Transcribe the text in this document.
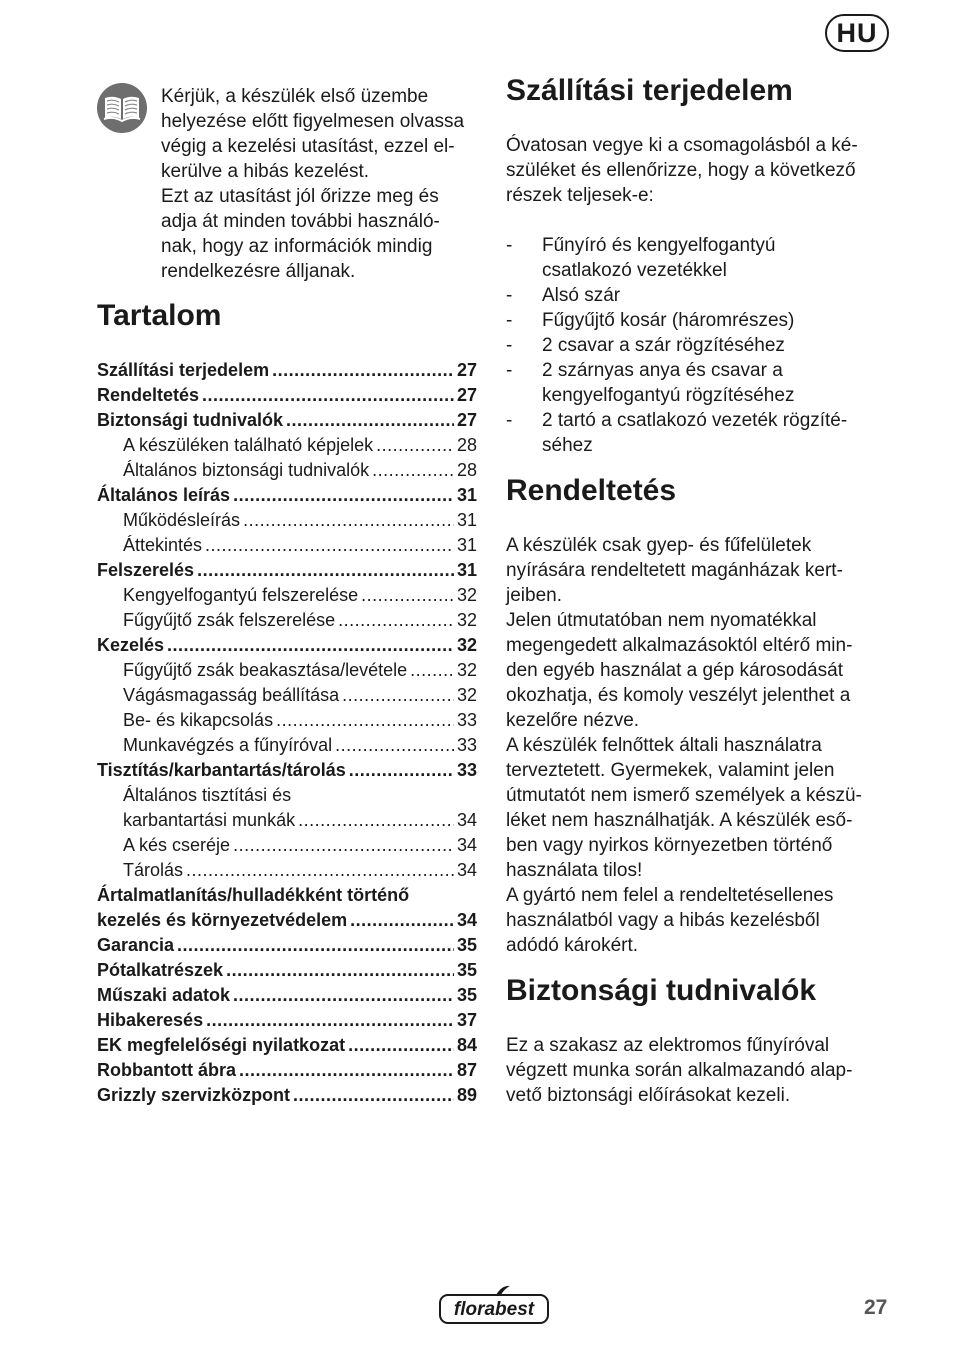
HU

Kérjük, a készülék első üzembe

helyezése előtt figyelmesen olvassa

végig a kezelési utasítást, ezzel el-

kerülve a hibás kezelést.

Ezt az utasítást jól őrizze meg és

adja át minden további használó-

nak, hogy az információk mindig

rendelkezésre álljanak.

Tartalom
Szállítási terjedelem .....	27
Rendeltetés .....	27
Biztonsági tudnivalók .....	27
A készüléken található képjelek .....	28
Általános biztonsági tudnivalók .....	28
Általános leírás .....	31
Működésleírás .....	31
Áttekintés .....	31
Felszerelés .....	31
Kengyelfogantyú felszerelése .....	32
Fűgyűjtő zsák felszerelése .....	32
Kezelés .....	32
Fűgyűjtő zsák beakasztása/levétele .....	32
Vágásmagasság beállítása .....	32
Be- és kikapcsolás .....	33
Munkavégzés a fűnyíróval .....	33
Tisztítás/karbantartás/tárolás .....	33
Általános tisztítási és
karbantartási munkák .....	34
A kés cseréje .....	34
Tárolás .....	34
Ártalmatlanítás/hulladékként történő
kezelés és környezetvédelem .....	34
Garancia .....	35
Pótalkatrészek .....	35
Műszaki adatok .....	35
Hibakeresés .....	37
EK megfelelőségi nyilatkozat .....	84
Robbantott ábra .....	87
Grizzly szervizközpont .....	89
Szállítási terjedelem

Óvatosan vegye ki a csomagolásból a ké-

szüléket és ellenőrizze, hogy a következő

részek teljesek-e:

- Fűnyíró és kengyelfogantyú
csatlakozó vezetékkel
- Alsó szár
- Fűgyűjtő kosár (háromrészes)
- 2 csavar a szár rögzítéséhez
- 2 szárnyas anya és csavar a
kengyelfogantyú rögzítéséhez
- 2 tartó a csatlakozó vezeték rögzíté-
séhez
Rendeltetés

A készülék csak gyep- és fűfelületek

nyírására rendeltetett magánházak kert-

jeiben.

Jelen útmutatóban nem nyomatékkal

megengedett alkalmazásoktól eltérő min-

den egyéb használat a gép károsodását

okozhatja, és komoly veszélyt jelenthet a

kezelőre nézve.

A készülék felnőttek általi használatra

terveztetett. Gyermekek, valamint jelen

útmutatót nem ismerő személyek a készü-

léket nem használhatják. A készülék eső-

ben vagy nyirkos környezetben történő

használata tilos!

A gyártó nem felel a rendeltetésellenes

használatból vagy a hibás kezelésből

adódó károkért.

Biztonsági tudnivalók

Ez a szakasz az elektromos fűnyíróval

végzett munka során alkalmazandó alap-

vető biztonsági előírásokat kezeli.

florabest	27
